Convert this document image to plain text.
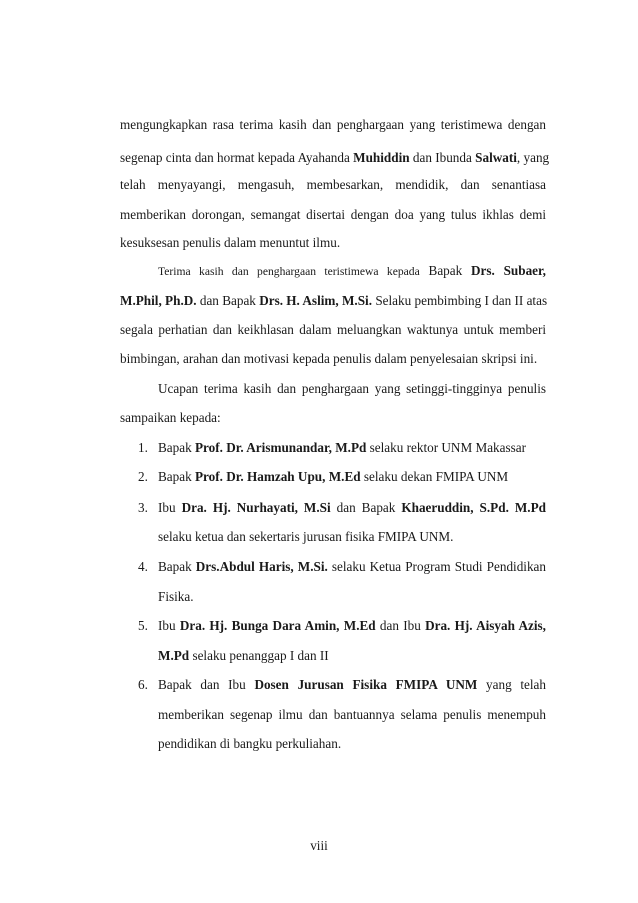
mengungkapkan rasa terima kasih dan penghargaan yang teristimewa dengan
segenap cinta dan hormat kepada Ayahanda Muhiddin dan Ibunda Salwati, yang
telah menyayangi, mengasuh, membesarkan, mendidik, dan senantiasa
memberikan dorongan, semangat disertai dengan doa yang tulus ikhlas demi
kesuksesan penulis dalam menuntut ilmu.
Terima kasih dan penghargaan teristimewa kepada Bapak Drs. Subaer,
M.Phil, Ph.D. dan Bapak Drs. H. Aslim, M.Si. Selaku pembimbing I dan II atas
segala perhatian dan keikhlasan dalam meluangkan waktunya untuk memberi
bimbingan, arahan dan motivasi kepada penulis dalam penyelesaian skripsi ini.
Ucapan terima kasih dan penghargaan yang setinggi-tingginya penulis
sampaikan kepada:
1. Bapak Prof. Dr. Arismunandar, M.Pd selaku rektor UNM Makassar
2. Bapak Prof. Dr. Hamzah Upu, M.Ed selaku dekan FMIPA UNM
3. Ibu Dra. Hj. Nurhayati, M.Si dan Bapak Khaeruddin, S.Pd. M.Pd
selaku ketua dan sekertaris jurusan fisika FMIPA UNM.
4. Bapak Drs.Abdul Haris, M.Si. selaku Ketua Program Studi Pendidikan
Fisika.
5. Ibu Dra. Hj. Bunga Dara Amin, M.Ed dan Ibu Dra. Hj. Aisyah Azis,
M.Pd selaku penanggap I dan II
6. Bapak dan Ibu Dosen Jurusan Fisika FMIPA UNM yang telah
memberikan segenap ilmu dan bantuannya selama penulis menempuh
pendidikan di bangku perkuliahan.
viii
